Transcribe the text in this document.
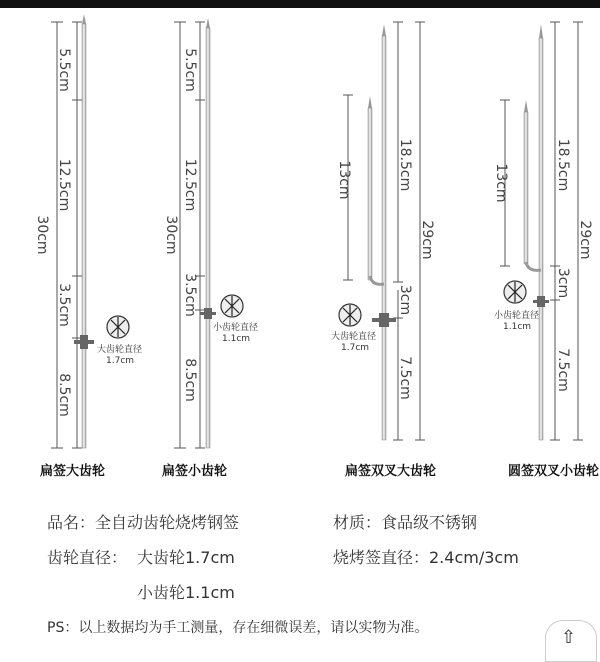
30cm
5.5cm
12.5cm
3.5cm
8.5cm
30cm
5.5cm
12.5cm
3.5cm
8.5cm
13cm	18.5cm
3cm
7.5cm
29cm
13cm	18.5cm
3cm
7.5cm
29cm
大齿轮直径
1.7cm
小齿轮直径
1.1cm	大齿轮直径
1.7cm
小齿轮直径
1.1cm
扁签大齿轮	扁签小齿轮	扁签双叉大齿轮	圆签双叉小齿轮
品名：全自动齿轮烧烤钢签	材质：食品级不锈钢
齿轮直径： 大齿轮1.7cm	烧烤签直径：2.4cm/3cm
小齿轮1.1cm
PS：以上数据均为手工测量，存在细微误差，请以实物为准。	⇧
